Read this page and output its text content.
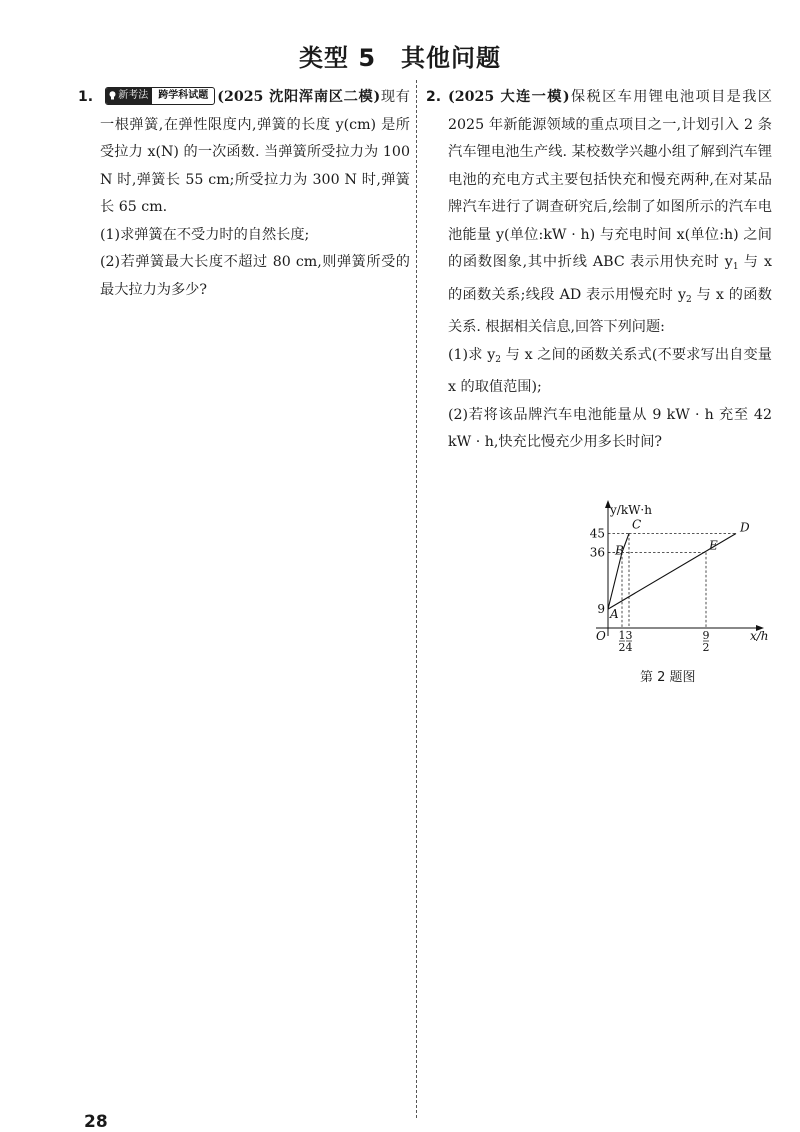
类型 5　其他问题

1.	新考法	跨学科试题 (2025 沈阳浑南区二模)现有一根弹簧,在弹性限度内,弹簧的长度 y(cm) 是所受拉力 x(N) 的一次函数. 当弹簧所受拉力为 100 N 时,弹簧长 55 cm;所受拉力为 300 N 时,弹簧长 65 cm.

(1)求弹簧在不受力时的自然长度;

(2)若弹簧最大长度不超过 80 cm,则弹簧所受的最大拉力为多少?

2. (2025 大连一模)保税区车用锂电池项目是我区 2025 年新能源领域的重点项目之一,计划引入 2 条汽车锂电池生产线. 某校数学兴趣小组了解到汽车锂电池的充电方式主要包括快充和慢充两种,在对某品牌汽车进行了调查研究后,绘制了如图所示的汽车电池能量 y(单位:kW · h) 与充电时间 x(单位:h) 之间的函数图象,其中折线 ABC 表示用快充时 $y_1$ 与 x 的函数关系;线段 AD 表示用慢充时 $y_2$ 与 x 的函数关系. 根据相关信息,回答下列问题:

(1)求 $y_2$ 与 x 之间的函数关系式(不要求写出自变量 x 的取值范围);

(2)若将该品牌汽车电池能量从 9 kW · h 充至 42 kW · h,快充比慢充少用多长时间?

y/kW·h
x/h
O
45
36
9
1
2
3
4
9
2
A
B
C	D
E
第 2 题图
28
